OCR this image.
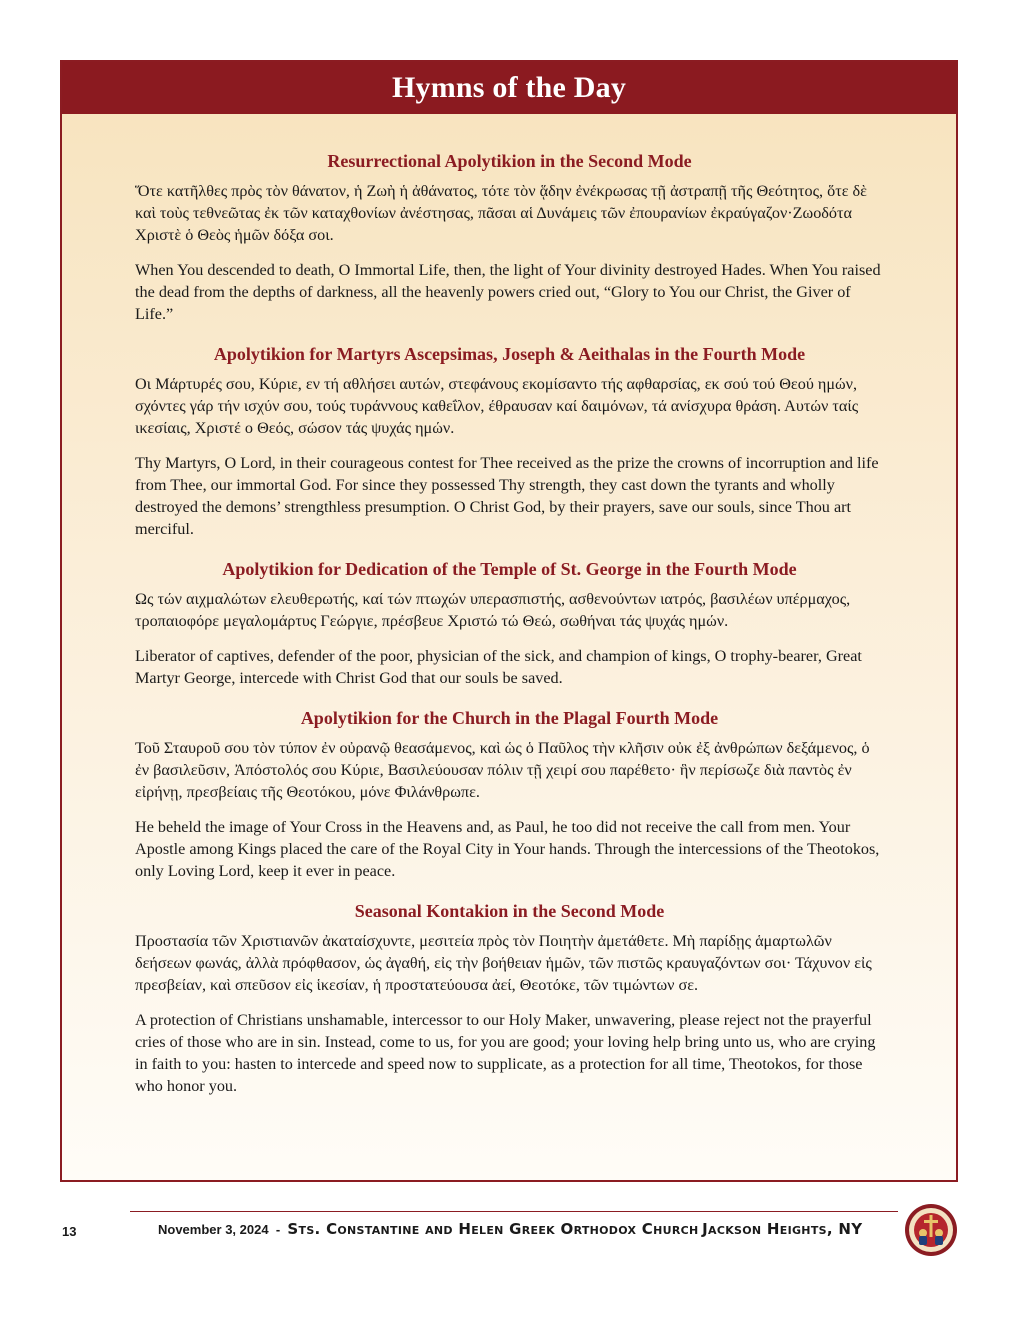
Hymns of the Day
Resurrectional Apolytikion in the Second Mode

Ὅτε κατῆλθες πρὸς τὸν θάνατον, ἡ Ζωὴ ἡ ἀθάνατος, τότε τὸν ᾅδην ἐνέκρωσας τῇ ἀστραπῇ τῆς Θεότητος, ὅτε δὲ καὶ τοὺς τεθνεῶτας ἐκ τῶν καταχθονίων ἀνέστησας, πᾶσαι αἱ Δυνάμεις τῶν ἐπουρανίων ἐκραύγαζον·Ζωοδότα Χριστὲ ὁ Θεὸς ἡμῶν δόξα σοι.

When You descended to death, O Immortal Life, then, the light of Your divinity destroyed Hades. When You raised the dead from the depths of darkness, all the heavenly powers cried out, “Glory to You our Christ, the Giver of Life.”

Apolytikion for Martyrs Ascepsimas, Joseph & Aeithalas in the Fourth Mode

Οι Μάρτυρές σου, Κύριε, εν τή αθλήσει αυτών, στεφάνους εκομίσαντο τής αφθαρσίας, εκ σού τού Θεού ημών, σχόντες γάρ τήν ισχύν σου, τούς τυράννους καθεΐλον, έθραυσαν καί δαιμόνων, τά ανίσχυρα θράση. Αυτών ταίς ικεσίαις, Χριστέ ο Θεός, σώσον τάς ψυχάς ημών.

Thy Martyrs, O Lord, in their courageous contest for Thee received as the prize the crowns of incorruption and life from Thee, our immortal God. For since they possessed Thy strength, they cast down the tyrants and wholly destroyed the demons’ strengthless presumption. O Christ God, by their prayers, save our souls, since Thou art merciful.

Apolytikion for Dedication of the Temple of St. George in the Fourth Mode

Ως τών αιχμαλώτων ελευθερωτής, καί τών πτωχών υπερασπιστής, ασθενούντων ιατρός, βασιλέων υπέρμαχος, τροπαιοφόρε μεγαλομάρτυς Γεώργιε, πρέσβευε Χριστώ τώ Θεώ, σωθήναι τάς ψυχάς ημών.

Liberator of captives, defender of the poor, physician of the sick, and champion of kings, O trophy-bearer, Great Martyr George, intercede with Christ God that our souls be saved.

Apolytikion for the Church in the Plagal Fourth Mode

Τοῦ Σταυροῦ σου τὸν τύπον ἐν οὐρανῷ θεασάμενος, καὶ ὡς ὁ Παῦλος τὴν κλῆσιν οὐκ ἐξ ἀνθρώπων δεξάμενος, ὁ ἐν βασιλεῦσιν, Ἀπόστολός σου Κύριε, Βασιλεύουσαν πόλιν τῇ χειρί σου παρέθετο· ἣν περίσωζε διὰ παντὸς ἐν εἰρήνῃ, πρεσβείαις τῆς Θεοτόκου, μόνε Φιλάνθρωπε.

He beheld the image of Your Cross in the Heavens and, as Paul, he too did not receive the call from men. Your Apostle among Kings placed the care of the Royal City in Your hands. Through the intercessions of the Theotokos, only Loving Lord, keep it ever in peace.

Seasonal Kontakion in the Second Mode

Προστασία τῶν Χριστιανῶν ἀκαταίσχυντε, μεσιτεία πρὸς τὸν Ποιητὴν ἀμετάθετε. Μὴ παρίδῃς ἁμαρτωλῶν δεήσεων φωνάς, ἀλλὰ πρόφθασον, ὡς ἀγαθή, εἰς τὴν βοήθειαν ἡμῶν, τῶν πιστῶς κραυγαζόντων σοι· Τάχυνον εἰς πρεσβείαν, καὶ σπεῦσον εἰς ἱκεσίαν, ἡ προστατεύουσα ἀεί, Θεοτόκε, τῶν τιμώντων σε.

A protection of Christians unshamable, intercessor to our Holy Maker, unwavering, please reject not the prayerful cries of those who are in sin. Instead, come to us, for you are good; your loving help bring unto us, who are crying in faith to you: hasten to intercede and speed now to supplicate, as a protection for all time, Theotokos, for those who honor you.

13	November 3, 2024 - Sts. Constantine and Helen Greek Orthodox Church Jackson Heights, NY
